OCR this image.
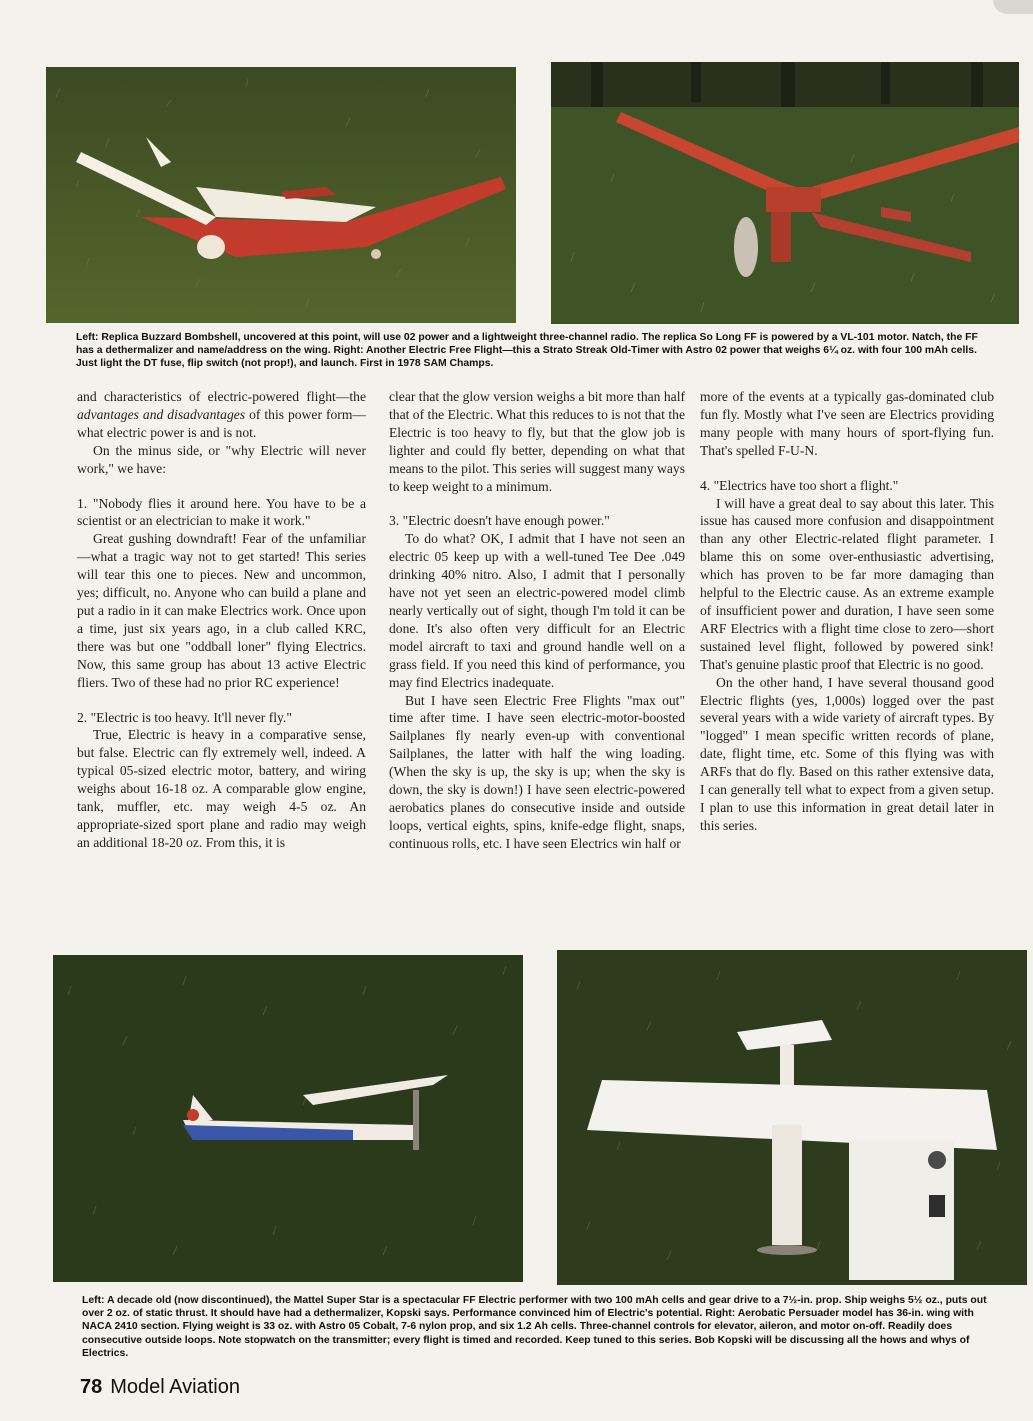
Left: Replica Buzzard Bombshell, uncovered at this point, will use 02 power and a lightweight three-channel radio. The replica So Long FF is powered by a VL-101 motor. Natch, the FF has a dethermalizer and name/address on the wing. Right: Another Electric Free Flight—this a Strato Streak Old-Timer with Astro 02 power that weighs 6¼ oz. with four 100 mAh cells. Just light the DT fuse, flip switch (not prop!), and launch. First in 1978 SAM Champs.

and characteristics of electric-powered flight—the advantages and disadvantages of this power form—what electric power is and is not.

On the minus side, or "why Electric will never work," we have:

1. "Nobody flies it around here. You have to be a scientist or an electrician to make it work."

Great gushing downdraft! Fear of the unfamiliar—what a tragic way not to get started! This series will tear this one to pieces. New and uncommon, yes; difficult, no. Anyone who can build a plane and put a radio in it can make Electrics work. Once upon a time, just six years ago, in a club called KRC, there was but one "oddball loner" flying Electrics. Now, this same group has about 13 active Electric fliers. Two of these had no prior RC experience!

2. "Electric is too heavy. It'll never fly."

True, Electric is heavy in a comparative sense, but false. Electric can fly extremely well, indeed. A typical 05-sized electric motor, battery, and wiring weighs about 16-18 oz. A comparable glow engine, tank, muffler, etc. may weigh 4-5 oz. An appropriate-sized sport plane and radio may weigh an additional 18-20 oz. From this, it is

clear that the glow version weighs a bit more than half that of the Electric. What this reduces to is not that the Electric is too heavy to fly, but that the glow job is lighter and could fly better, depending on what that means to the pilot. This series will suggest many ways to keep weight to a minimum.

3. "Electric doesn't have enough power."

To do what? OK, I admit that I have not seen an electric 05 keep up with a well-tuned Tee Dee .049 drinking 40% nitro. Also, I admit that I personally have not yet seen an electric-powered model climb nearly vertically out of sight, though I'm told it can be done. It's also often very difficult for an Electric model aircraft to taxi and ground handle well on a grass field. If you need this kind of performance, you may find Electrics inadequate.

But I have seen Electric Free Flights "max out" time after time. I have seen electric-motor-boosted Sailplanes fly nearly even-up with conventional Sailplanes, the latter with half the wing loading. (When the sky is up, the sky is up; when the sky is down, the sky is down!) I have seen electric-powered aerobatics planes do consecutive inside and outside loops, vertical eights, spins, knife-edge flight, snaps, continuous rolls, etc. I have seen Electrics win half or

more of the events at a typically gas-dominated club fun fly. Mostly what I've seen are Electrics providing many people with many hours of sport-flying fun. That's spelled F-U-N.

4. "Electrics have too short a flight."

I will have a great deal to say about this later. This issue has caused more confusion and disappointment than any other Electric-related flight parameter. I blame this on some over-enthusiastic advertising, which has proven to be far more damaging than helpful to the Electric cause. As an extreme example of insufficient power and duration, I have seen some ARF Electrics with a flight time close to zero—short sustained level flight, followed by powered sink! That's genuine plastic proof that Electric is no good.

On the other hand, I have several thousand good Electric flights (yes, 1,000s) logged over the past several years with a wide variety of aircraft types. By "logged" I mean specific written records of plane, date, flight time, etc. Some of this flying was with ARFs that do fly. Based on this rather extensive data, I can generally tell what to expect from a given setup. I plan to use this information in great detail later in this series.

Left: A decade old (now discontinued), the Mattel Super Star is a spectacular FF Electric performer with two 100 mAh cells and gear drive to a 7½-in. prop. Ship weighs 5½ oz., puts out over 2 oz. of static thrust. It should have had a dethermalizer, Kopski says. Performance convinced him of Electric's potential. Right: Aerobatic Persuader model has 36-in. wing with NACA 2410 section. Flying weight is 33 oz. with Astro 05 Cobalt, 7-6 nylon prop, and six 1.2 Ah cells. Three-channel controls for elevator, aileron, and motor on-off. Readily does consecutive outside loops. Note stopwatch on the transmitter; every flight is timed and recorded. Keep tuned to this series. Bob Kopski will be discussing all the hows and whys of Electrics.

78 Model Aviation
